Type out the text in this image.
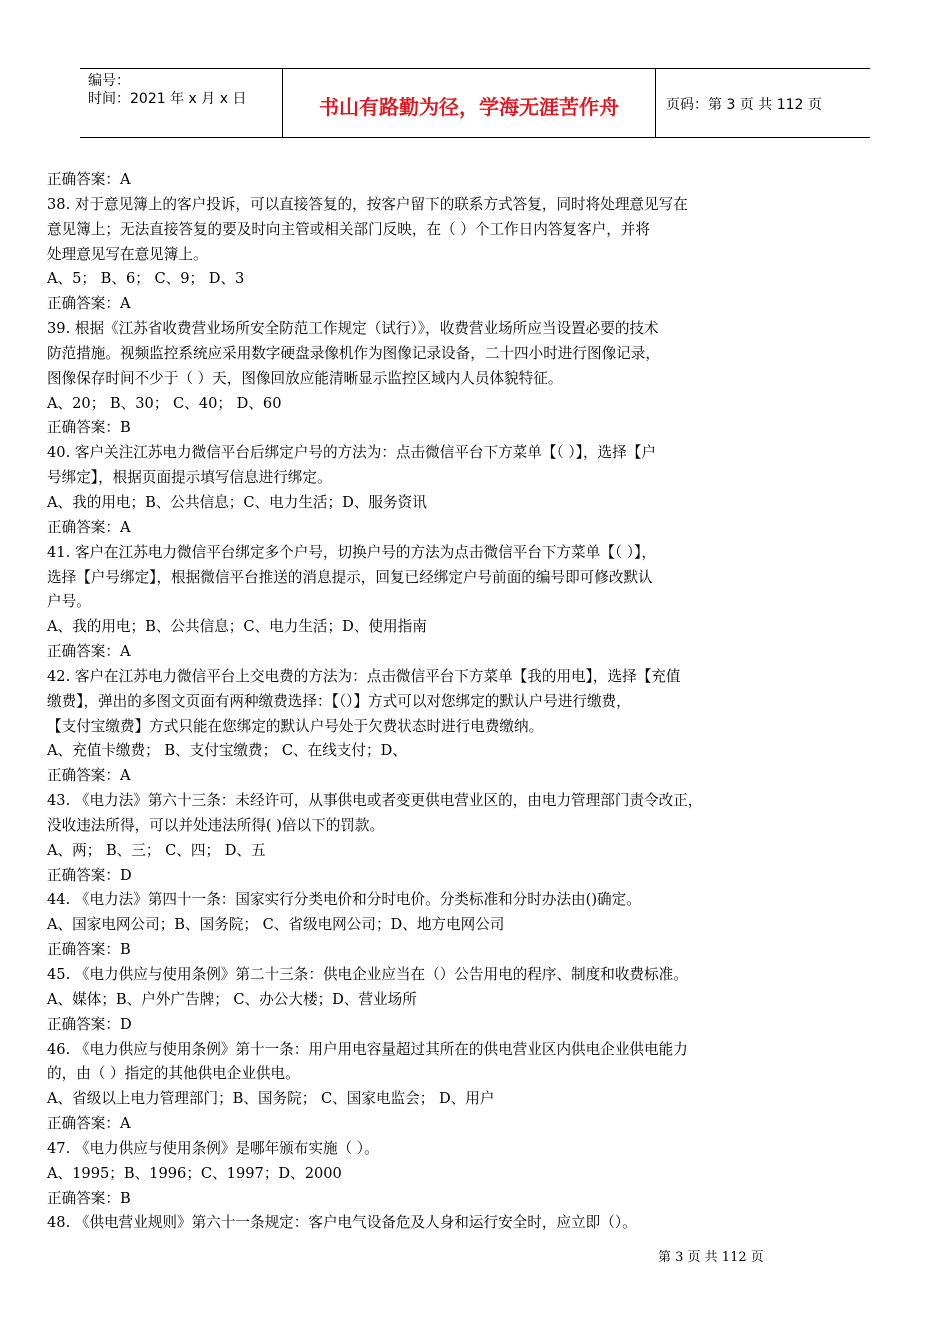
编号：
时间：2021 年 x 月 x 日	书山有路勤为径，学海无涯苦作舟	页码：第 3 页 共 112 页
正确答案：A
38. 对于意见簿上的客户投诉，可以直接答复的，按客户留下的联系方式答复，同时将处理意见写在
意见簿上；无法直接答复的要及时向主管或相关部门反映，在（ ）个工作日内答复客户，并将
处理意见写在意见簿上。
A、5； B、6； C、9； D、3
正确答案：A
39. 根据《江苏省收费营业场所安全防范工作规定（试行）》，收费营业场所应当设置必要的技术
防范措施。视频监控系统应采用数字硬盘录像机作为图像记录设备，二十四小时进行图像记录，
图像保存时间不少于（ ）天，图像回放应能清晰显示监控区域内人员体貌特征。
A、20； B、30； C、40； D、60
正确答案：B
40. 客户关注江苏电力微信平台后绑定户号的方法为：点击微信平台下方菜单【（ ）】，选择【户
号绑定】，根据页面提示填写信息进行绑定。
A、我的用电；B、公共信息；C、电力生活；D、服务资讯
正确答案：A
41. 客户在江苏电力微信平台绑定多个户号，切换户号的方法为点击微信平台下方菜单【（ ）】，
选择【户号绑定】，根据微信平台推送的消息提示，回复已经绑定户号前面的编号即可修改默认
户号。
A、我的用电；B、公共信息；C、电力生活；D、使用指南
正确答案：A
42. 客户在江苏电力微信平台上交电费的方法为：点击微信平台下方菜单【我的用电】，选择【充值
缴费】，弹出的多图文页面有两种缴费选择：【（）】方式可以对您绑定的默认户号进行缴费，
【支付宝缴费】方式只能在您绑定的默认户号处于欠费状态时进行电费缴纳。
A、充值卡缴费； B、支付宝缴费； C、在线支付；D、
正确答案：A
43. 《电力法》第六十三条：未经许可，从事供电或者变更供电营业区的，由电力管理部门责令改正，
没收违法所得，可以并处违法所得( )倍以下的罚款。
A、两； B、三； C、四； D、五
正确答案：D
44. 《电力法》第四十一条：国家实行分类电价和分时电价。分类标准和分时办法由()确定。
A、国家电网公司；B、国务院； C、省级电网公司；D、地方电网公司
正确答案：B
45. 《电力供应与使用条例》第二十三条：供电企业应当在（）公告用电的程序、制度和收费标准。
A、媒体；B、户外广告牌； C、办公大楼；D、营业场所
正确答案：D
46. 《电力供应与使用条例》第十一条：用户用电容量超过其所在的供电营业区内供电企业供电能力
的，由（ ）指定的其他供电企业供电。
A、省级以上电力管理部门；B、国务院； C、国家电监会； D、用户
正确答案：A
47. 《电力供应与使用条例》是哪年颁布实施（ ）。
A、1995；B、1996；C、1997；D、2000
正确答案：B
48. 《供电营业规则》第六十一条规定：客户电气设备危及人身和运行安全时，应立即（）。
第 3 页 共 112 页
